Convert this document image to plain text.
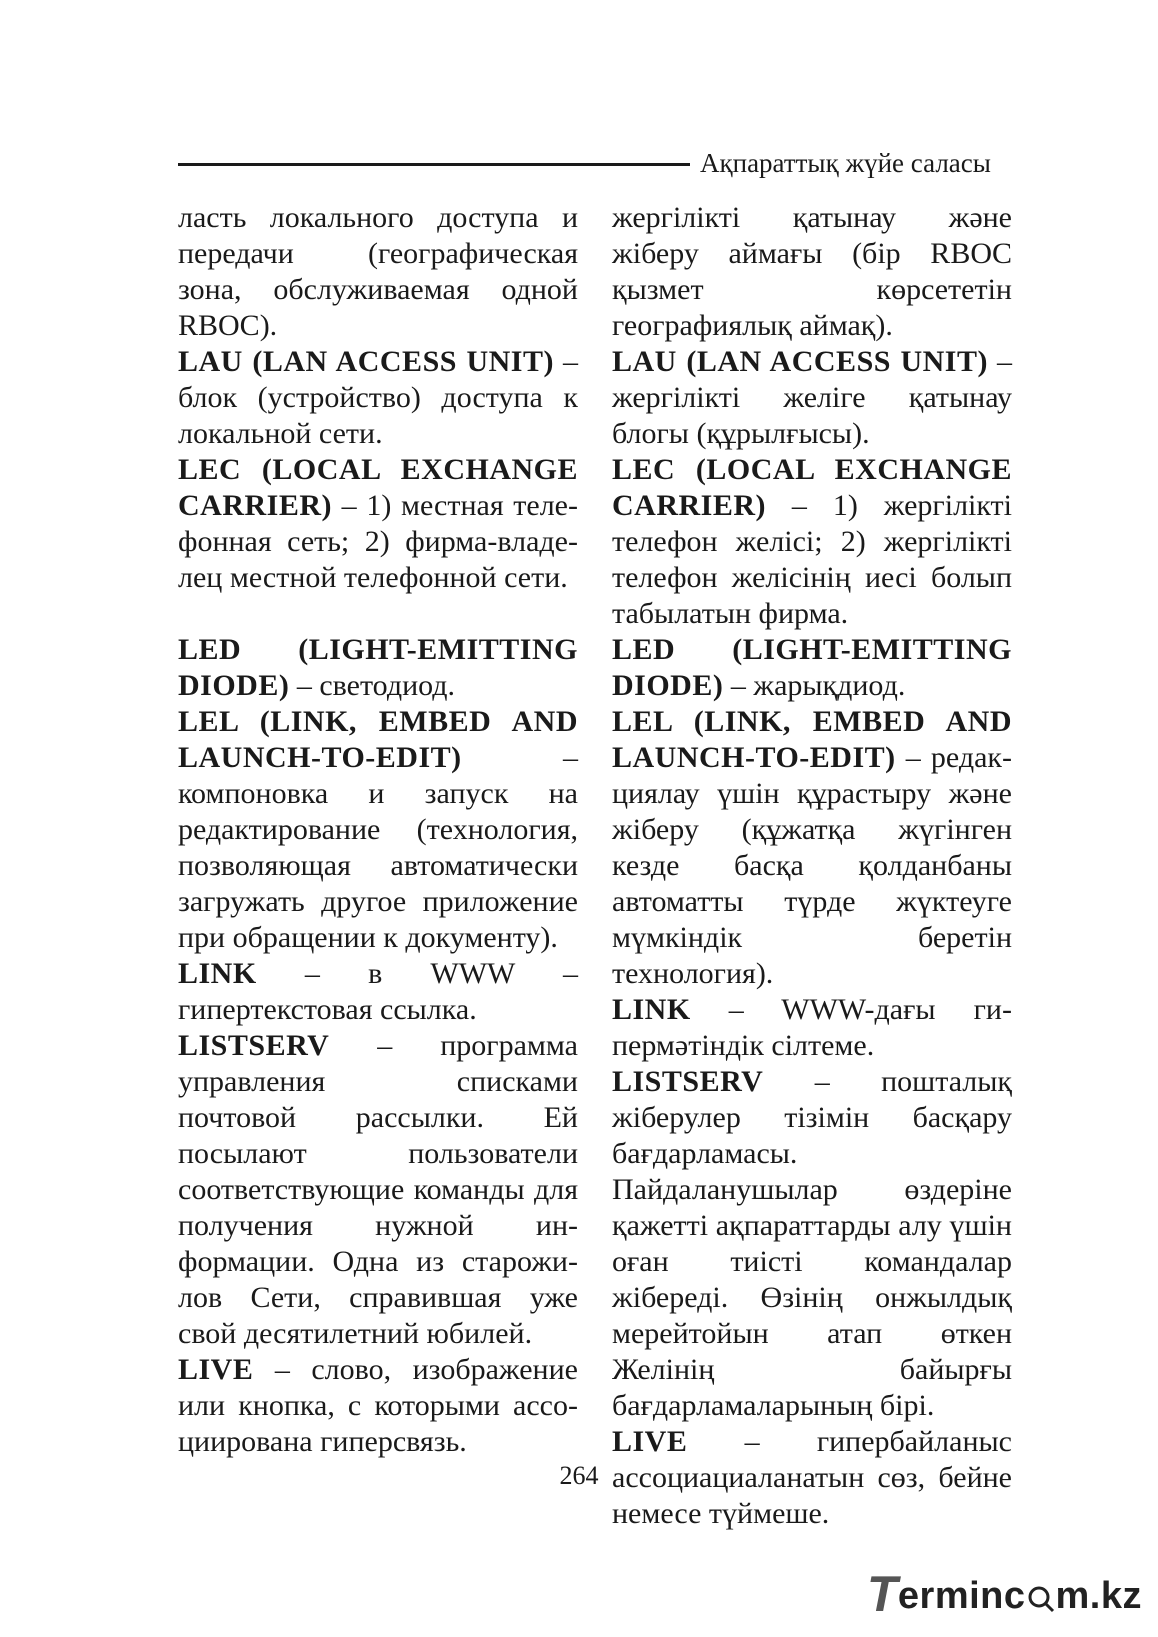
Ақпараттық жүйе саласы

ласть локального доступа и передачи (географическая зона, обслуживаемая одной RBOC).

LAU (LAN ACCESS UNIT) – блок (устройство) доступа к локальной сети.

LEC (LOCAL EXCHANGE CARRIER) – 1) местная телефонная сеть; 2) фирма-владелец местной телефонной сети.

LED (LIGHT-EMITTING DIODE) – светодиод.

LEL (LINK, EMBED AND LAUNCH-TO-EDIT) – компоновка и запуск на редактирование (технология, позволяющая автоматически загружать другое приложение при обращении к документу).

LINK – в WWW – гипертекстовая ссылка.

LISTSERV – программа управления списками почтовой рассылки. Ей посылают пользователи соответствующие команды для получения нужной информации. Одна из старожилов Сети, справившая уже свой десятилетний юбилей.

LIVE – слово, изображение или кнопка, с которыми ассоциирована гиперсвязь.

жергілікті қатынау және жіберу аймағы (бір RBOC қызмет көрсететін географиялық аймақ).

LAU (LAN ACCESS UNIT) – жергілікті желіге қатынау блогы (құрылғысы).

LEC (LOCAL EXCHANGE CARRIER) – 1) жергілікті телефон желісі; 2) жергілікті телефон желісінің иесі болып табылатын фирма.

LED (LIGHT-EMITTING DIODE) – жарықдиод.

LEL (LINK, EMBED AND LAUNCH-TO-EDIT) – редакциялау үшін құрастыру және жіберу (құжатқа жүгінген кезде басқа қолданбаны автоматты түрде жүктеуге мүмкіндік беретін технология).

LINK – WWW-дағы гипермәтіндік сілтеме.

LISTSERV – пошталық жіберулер тізімін басқару бағдарламасы. Пайдаланушылар өздеріне қажетті ақпараттарды алу үшін оған тиісті командалар жібереді. Өзінің онжылдық мерейтойын атап өткен Желінің байырғы бағдарламаларының бірі.

LIVE – гипербайланыс ассоциациаланатын сөз, бейне немесе түймеше.

264
Terminc m.kz
